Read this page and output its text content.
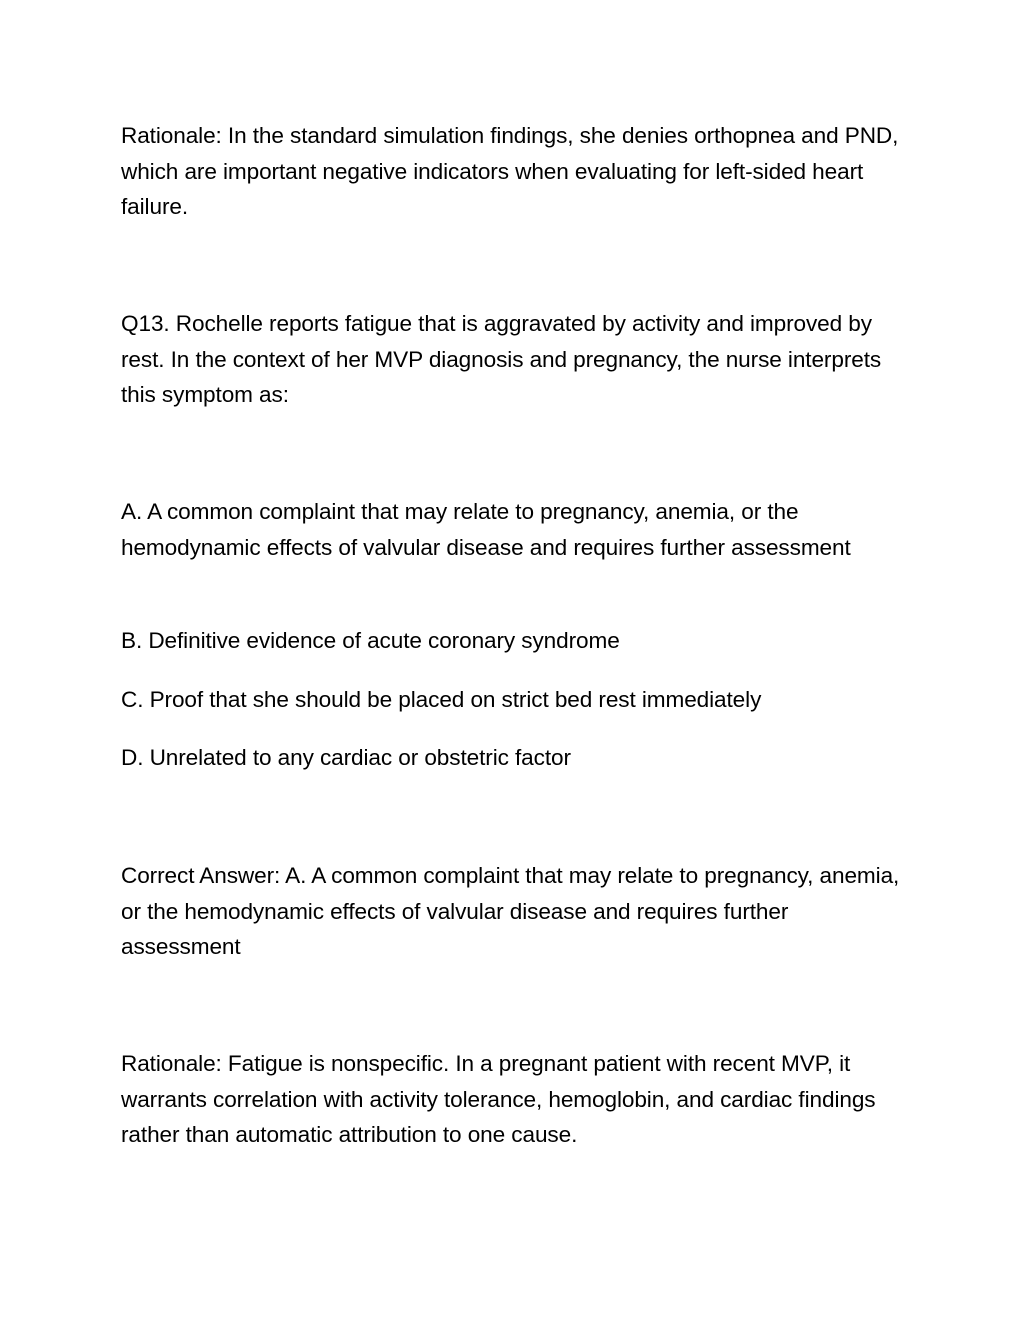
Rationale: In the standard simulation findings, she denies orthopnea and PND, which are important negative indicators when evaluating for left-sided heart failure.

Q13. Rochelle reports fatigue that is aggravated by activity and improved by rest. In the context of her MVP diagnosis and pregnancy, the nurse interprets this symptom as:

A. A common complaint that may relate to pregnancy, anemia, or the hemodynamic effects of valvular disease and requires further assessment

B. Definitive evidence of acute coronary syndrome

C. Proof that she should be placed on strict bed rest immediately

D. Unrelated to any cardiac or obstetric factor

Correct Answer: A. A common complaint that may relate to pregnancy, anemia, or the hemodynamic effects of valvular disease and requires further assessment

Rationale: Fatigue is nonspecific. In a pregnant patient with recent MVP, it warrants correlation with activity tolerance, hemoglobin, and cardiac findings rather than automatic attribution to one cause.
